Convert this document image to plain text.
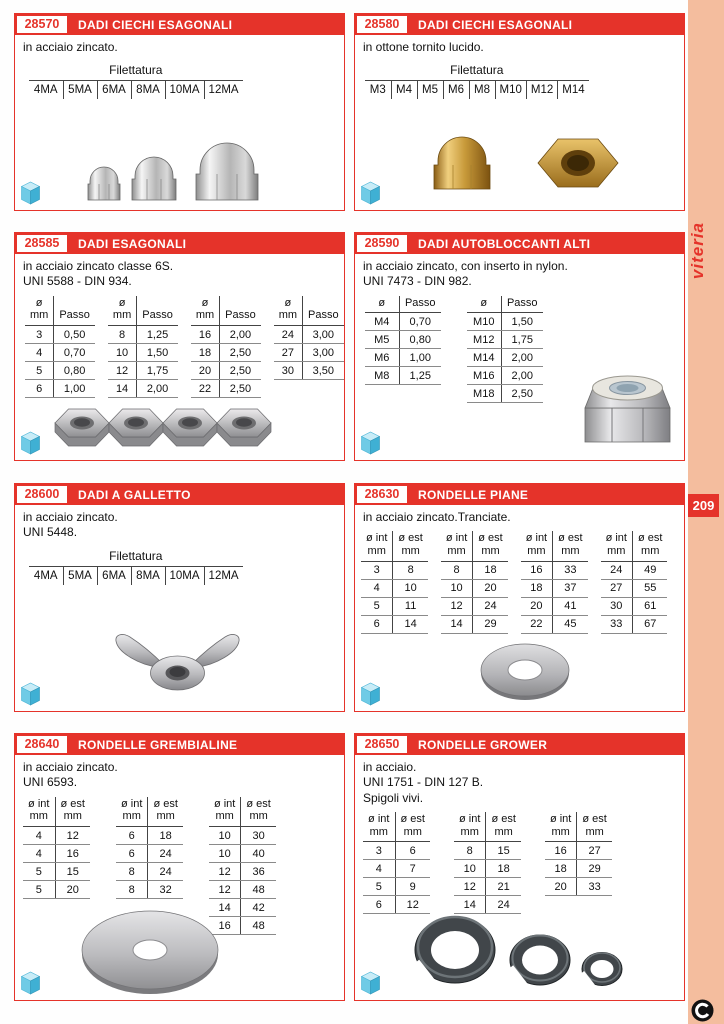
28570	DADI CIECHI ESAGONALI
in acciaio zincato.
Filettatura
4MA	5MA	6MA	8MA	10MA	12MA
28580	DADI CIECHI ESAGONALI
in ottone tornito lucido.
Filettatura
M3	M4	M5	M6	M8	M10	M12	M14
28585	DADI ESAGONALI
in acciaio zincato classe 6S.
UNI 5588 - DIN 934.
ø
mm	Passo
3	0,50
4	0,70
5	0,80
6	1,00
ø
mm	Passo
8	1,25
10	1,50
12	1,75
14	2,00
ø
mm	Passo
16	2,00
18	2,50
20	2,50
22	2,50
ø
mm	Passo
24	3,00
27	3,00
30	3,50
28590	DADI AUTOBLOCCANTI ALTI
in acciaio zincato, con inserto in nylon.
UNI 7473 - DIN 982.
ø	Passo
M4	0,70
M5	0,80
M6	1,00
M8	1,25
ø	Passo
M10	1,50
M12	1,75
M14	2,00
M16	2,00
M18	2,50
28600	DADI A GALLETTO
in acciaio zincato.
UNI 5448.
Filettatura
4MA	5MA	6MA	8MA	10MA	12MA
28630	RONDELLE PIANE
in acciaio zincato.Tranciate.
ø int
mm	ø est
mm
3	8
4	10
5	11
6	14
ø int
mm	ø est
mm
8	18
10	20
12	24
14	29
ø int
mm	ø est
mm
16	33
18	37
20	41
22	45
ø int
mm	ø est
mm
24	49
27	55
30	61
33	67
28640	RONDELLE GREMBIALINE
in acciaio zincato.
UNI 6593.
ø int
mm	ø est
mm
4	12
4	16
5	15
5	20
ø int
mm	ø est
mm
6	18
6	24
8	24
8	32
ø int
mm	ø est
mm
10	30
10	40
12	36
12	48
14	42
16	48
28650	RONDELLE GROWER
in acciaio.
UNI 1751 - DIN 127 B.
Spigoli vivi.
ø int
mm	ø est
mm
3	6
4	7
5	9
6	12
ø int
mm	ø est
mm
8	15
10	18
12	21
14	24
ø int
mm	ø est
mm
16	27
18	29
20	33
viteria
209
